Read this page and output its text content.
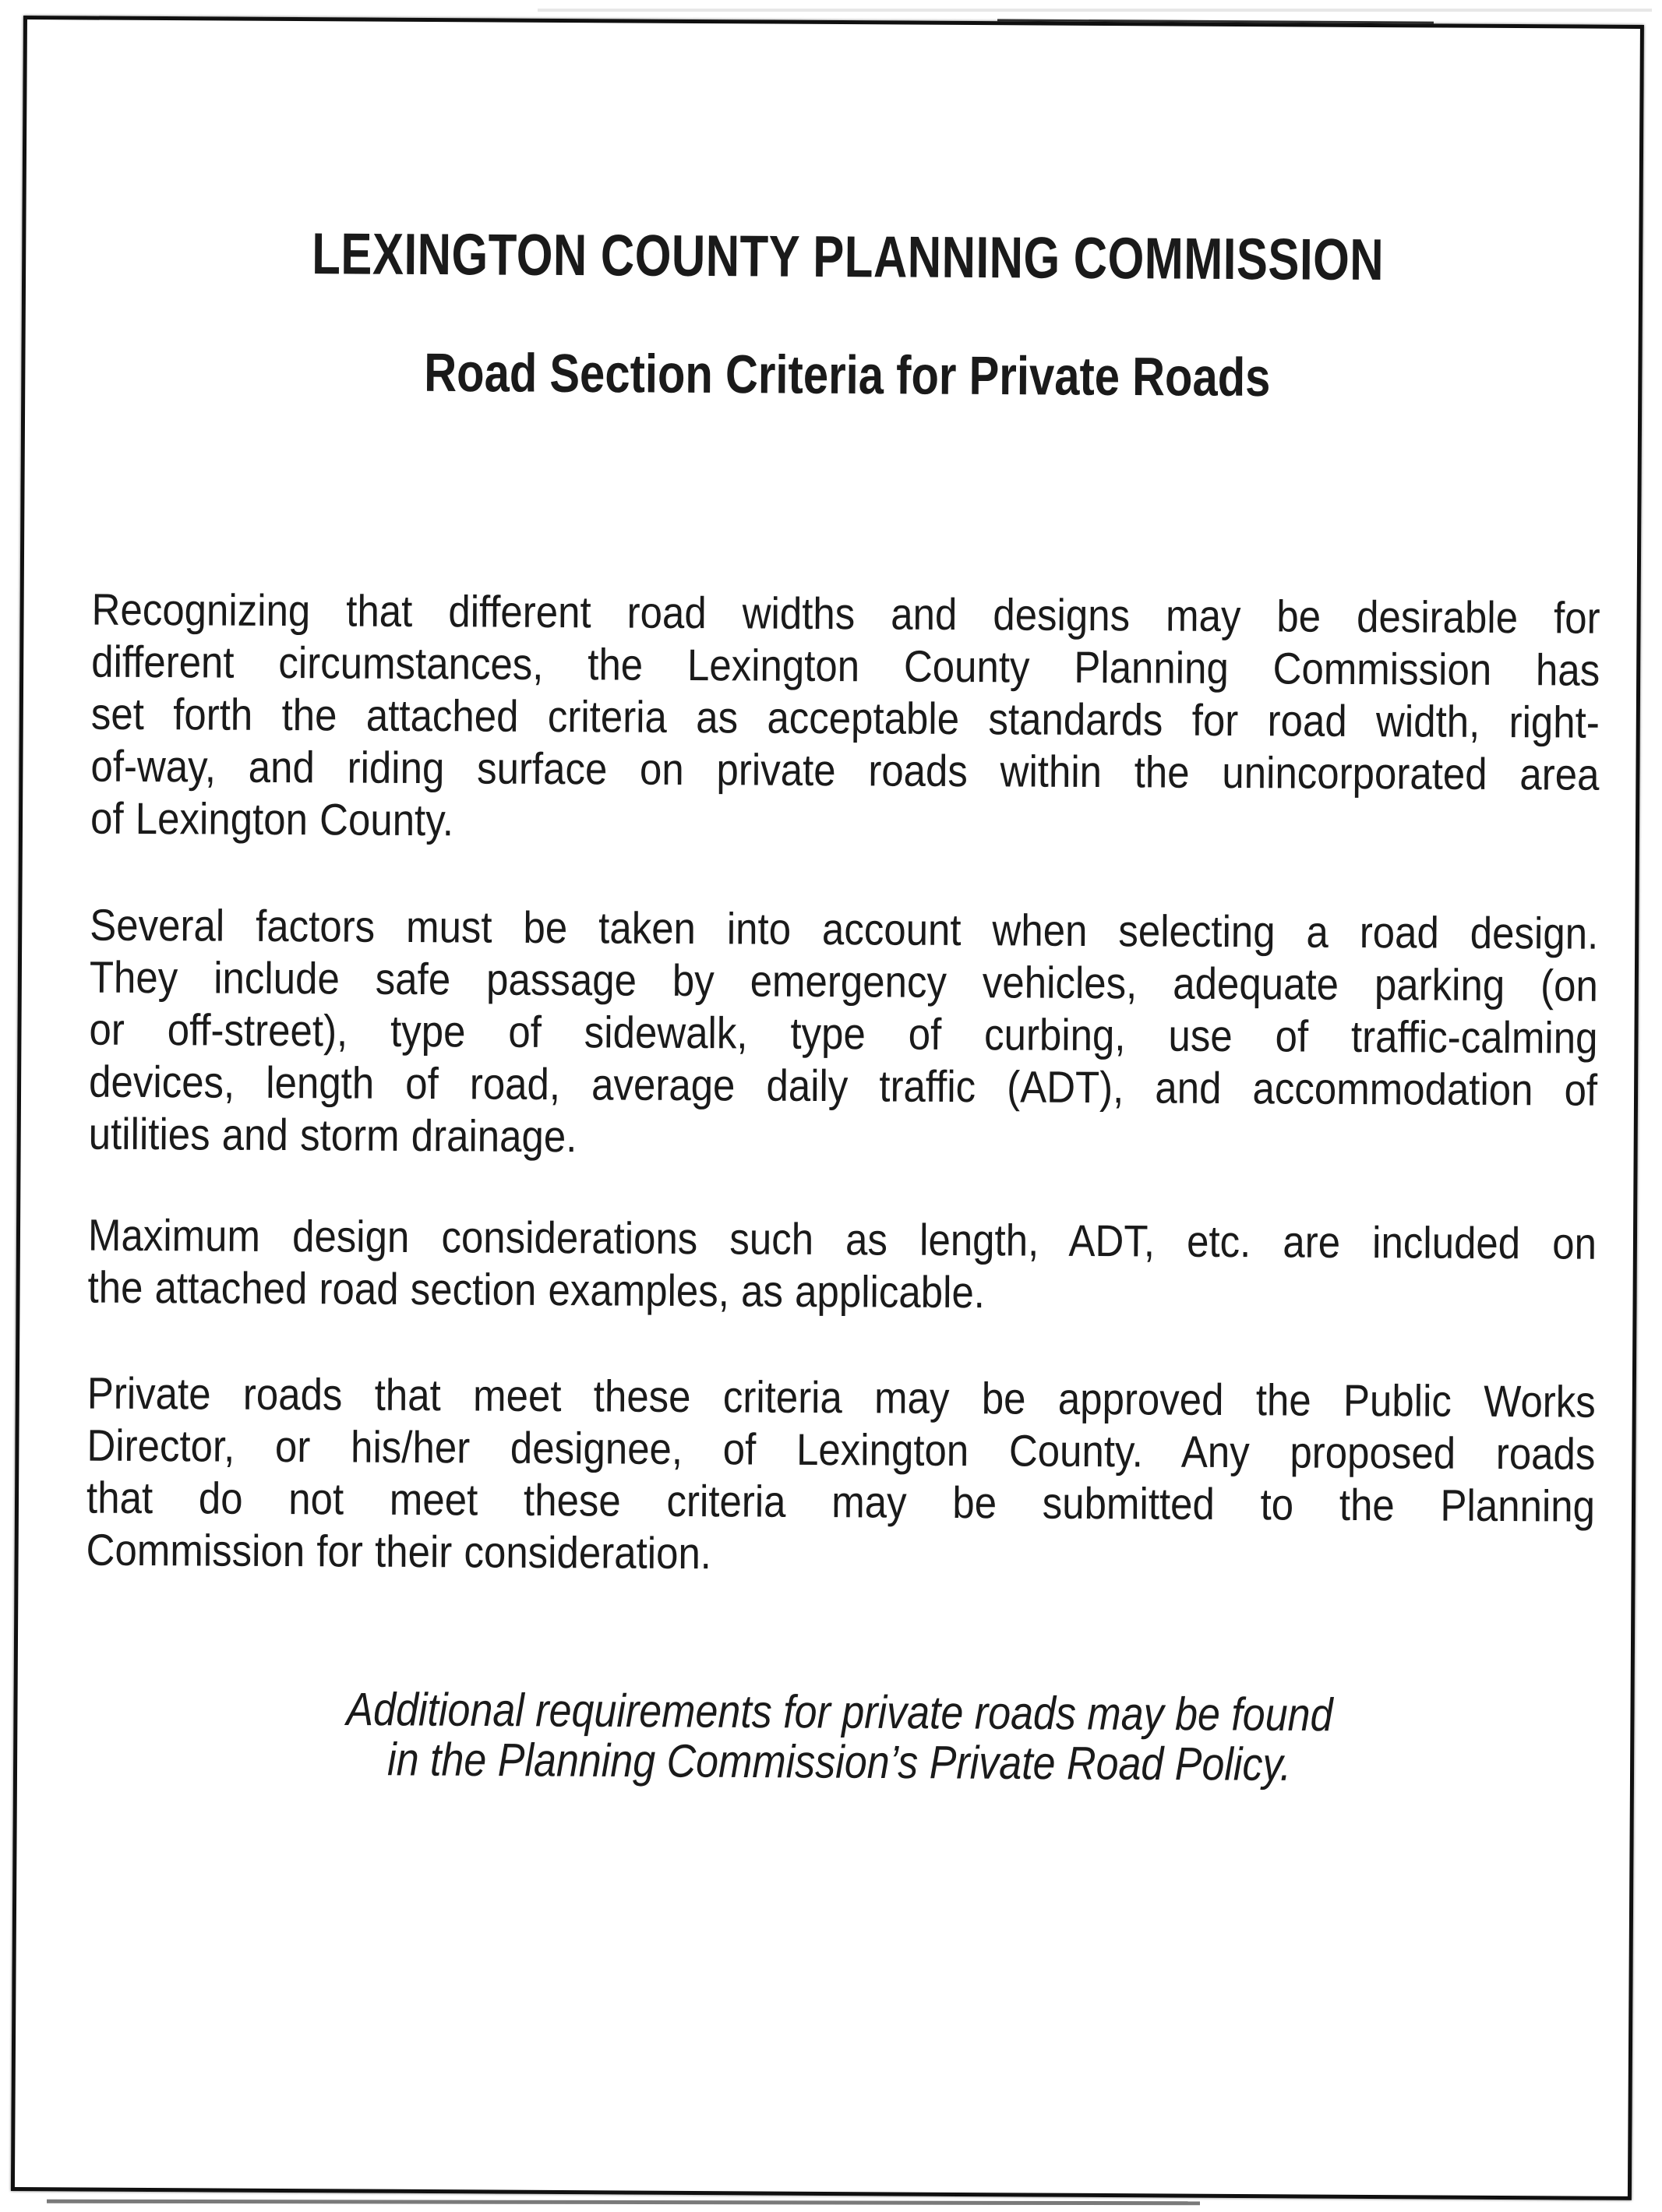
LEXINGTON COUNTY PLANNING COMMISSION
Road Section Criteria for Private Roads
Recognizing that different road widths and designs may be desirable for
different circumstances, the Lexington County Planning Commission has
set forth the attached criteria as acceptable standards for road width, right-
of-way, and riding surface on private roads within the unincorporated area
of Lexington County.
Several factors must be taken into account when selecting a road design.
They include safe passage by emergency vehicles, adequate parking (on
or off-street), type of sidewalk, type of curbing, use of traffic-calming
devices, length of road, average daily traffic (ADT), and accommodation of
utilities and storm drainage.
Maximum design considerations such as length, ADT, etc. are included on
the attached road section examples, as applicable.
Private roads that meet these criteria may be approved the Public Works
Director, or his/her designee, of Lexington County. Any proposed roads
that do not meet these criteria may be submitted to the Planning
Commission for their consideration.
Additional requirements for private roads may be found
in the Planning Commission’s Private Road Policy.
